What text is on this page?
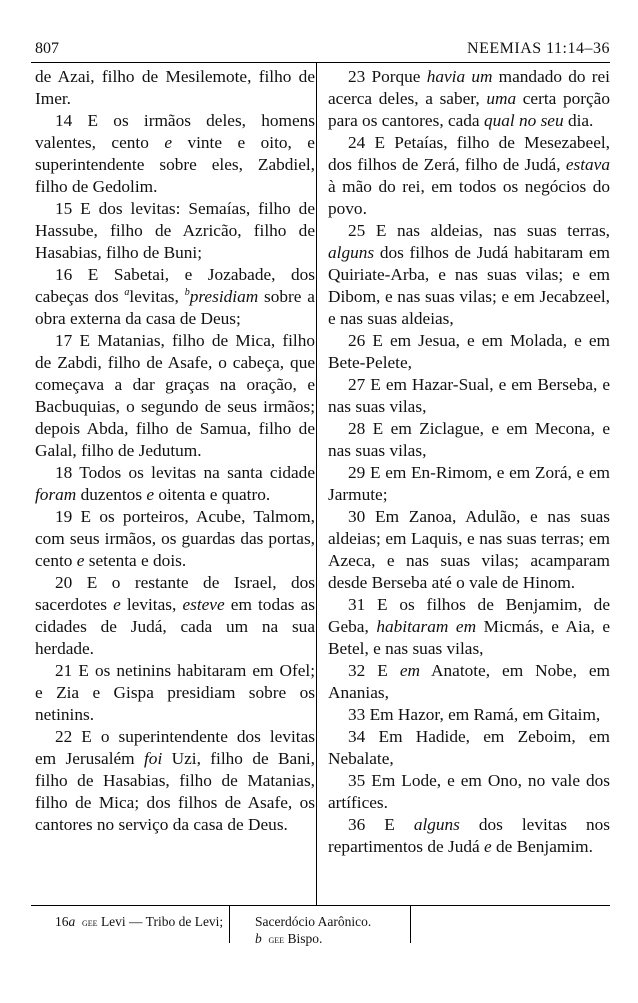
807	NEEMIAS 11:14–36

de Azai, filho de Mesilemote, filho de Imer.

14 E os irmãos deles, homens valentes, cento e vinte e oito, e superintendente sobre eles, Zabdiel, filho de Gedolim.

15 E dos levitas: Semaías, filho de Hassube, filho de Azricão, filho de Hasabias, filho de Buni;

16 E Sabetai, e Jozabade, dos cabeças dos $^a$levitas, $^b$presidiam sobre a obra externa da casa de Deus;

17 E Matanias, filho de Mica, filho de Zabdi, filho de Asafe, o cabeça, que começava a dar graças na oração, e Bacbuquias, o segundo de seus irmãos; depois Abda, filho de Samua, filho de Galal, filho de Jedutum.

18 Todos os levitas na santa cidade foram duzentos e oitenta e quatro.

19 E os porteiros, Acube, Talmom, com seus irmãos, os guardas das portas, cento e setenta e dois.

20 E o restante de Israel, dos sacerdotes e levitas, esteve em todas as cidades de Judá, cada um na sua herdade.

21 E os netinins habitaram em Ofel; e Zia e Gispa presidiam sobre os netinins.

22 E o superintendente dos levitas em Jerusalém foi Uzi, filho de Bani, filho de Hasabias, filho de Matanias, filho de Mica; dos filhos de Asafe, os cantores no serviço da casa de Deus.

23 Porque havia um mandado do rei acerca deles, a saber, uma certa porção para os cantores, cada qual no seu dia.

24 E Petaías, filho de Mesezabeel, dos filhos de Zerá, filho de Judá, estava à mão do rei, em todos os negócios do povo.

25 E nas aldeias, nas suas terras, alguns dos filhos de Judá habitaram em Quiriate-Arba, e nas suas vilas; e em Dibom, e nas suas vilas; e em Jecabzeel, e nas suas aldeias,

26 E em Jesua, e em Molada, e em Bete-Pelete,

27 E em Hazar-Sual, e em Berseba, e nas suas vilas,

28 E em Ziclague, e em Mecona, e nas suas vilas,

29 E em En-Rimom, e em Zorá, e em Jarmute;

30 Em Zanoa, Adulão, e nas suas aldeias; em Laquis, e nas suas terras; em Azeca, e nas suas vilas; acamparam desde Berseba até o vale de Hinom.

31 E os filhos de Benjamim, de Geba, habitaram em Micmás, e Aia, e Betel, e nas suas vilas,

32 E em Anatote, em Nobe, em Ananias,

33 Em Hazor, em Ramá, em Gitaim,

34 Em Hadide, em Zeboim, em Nebalate,

35 Em Lode, e em Ono, no vale dos artífices.

36 E alguns dos levitas nos repartimentos de Judá e de Benjamim.

16a gee Levi — Tribo de Levi; Sacerdócio Aarônico.
b gee Bispo.
